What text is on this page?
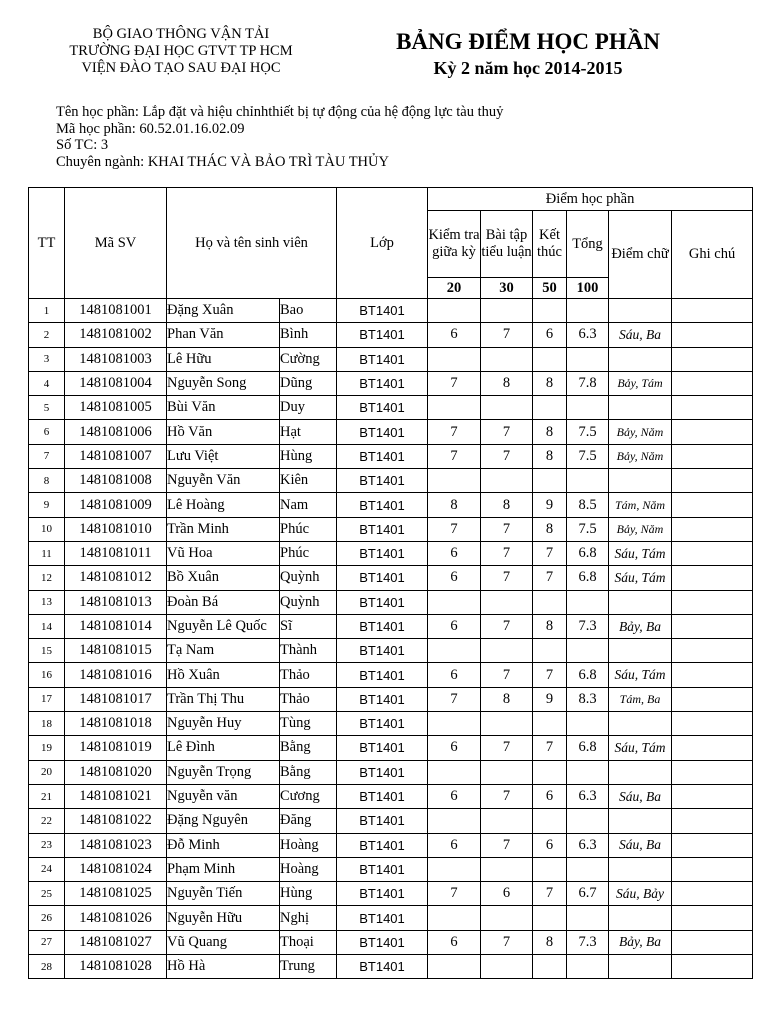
BỘ GIAO THÔNG VẬN TẢI
TRƯỜNG ĐẠI HỌC GTVT TP HCM
VIỆN ĐÀO TẠO SAU ĐẠI HỌC
BẢNG ĐIỂM HỌC PHẦN
Kỳ 2 năm học 2014-2015
Tên học phần: Lắp đặt và hiệu chỉnhthiết bị tự động của hệ động lực tàu thuỷ
Mã học phần: 60.52.01.16.02.09
Số TC: 3
Chuyên ngành: KHAI THÁC VÀ BẢO TRÌ TÀU THỦY
TT	Mã SV	Họ và tên sinh viên		Lớp	Điểm học phần					
					Kiểm tra giữa kỳ	Bài tập tiểu luận	Kết thúc	Tổng	Điểm chữ	Ghi chú
					20	30	50	100		
1	1481081001	Đặng Xuân	Bao	BT1401						
2	1481081002	Phan Văn	Bình	BT1401	6	7	6	6.3	Sáu, Ba	
3	1481081003	Lê Hữu	Cường	BT1401						
4	1481081004	Nguyễn Song	Dũng	BT1401	7	8	8	7.8	Bảy, Tám	
5	1481081005	Bùi Văn	Duy	BT1401						
6	1481081006	Hồ Văn	Hạt	BT1401	7	7	8	7.5	Bảy, Năm	
7	1481081007	Lưu Việt	Hùng	BT1401	7	7	8	7.5	Bảy, Năm	
8	1481081008	Nguyễn Văn	Kiên	BT1401						
9	1481081009	Lê Hoàng	Nam	BT1401	8	8	9	8.5	Tám, Năm	
10	1481081010	Trần Minh	Phúc	BT1401	7	7	8	7.5	Bảy, Năm	
11	1481081011	Vũ Hoa	Phúc	BT1401	6	7	7	6.8	Sáu, Tám	
12	1481081012	Bồ Xuân	Quỳnh	BT1401	6	7	7	6.8	Sáu, Tám	
13	1481081013	Đoàn Bá	Quỳnh	BT1401						
14	1481081014	Nguyễn Lê Quốc	Sĩ	BT1401	6	7	8	7.3	Bảy, Ba	
15	1481081015	Tạ Nam	Thành	BT1401						
16	1481081016	Hồ Xuân	Thảo	BT1401	6	7	7	6.8	Sáu, Tám	
17	1481081017	Trần Thị Thu	Thảo	BT1401	7	8	9	8.3	Tám, Ba	
18	1481081018	Nguyễn Huy	Tùng	BT1401						
19	1481081019	Lê Đình	Bằng	BT1401	6	7	7	6.8	Sáu, Tám	
20	1481081020	Nguyễn Trọng	Bằng	BT1401						
21	1481081021	Nguyễn văn	Cương	BT1401	6	7	6	6.3	Sáu, Ba	
22	1481081022	Đặng Nguyên	Đăng	BT1401						
23	1481081023	Đỗ Minh	Hoàng	BT1401	6	7	6	6.3	Sáu, Ba	
24	1481081024	Phạm Minh	Hoàng	BT1401						
25	1481081025	Nguyễn Tiến	Hùng	BT1401	7	6	7	6.7	Sáu, Bảy	
26	1481081026	Nguyễn Hữu	Nghị	BT1401						
27	1481081027	Vũ Quang	Thoại	BT1401	6	7	8	7.3	Bảy, Ba	
28	1481081028	Hồ Hà	Trung	BT1401						
